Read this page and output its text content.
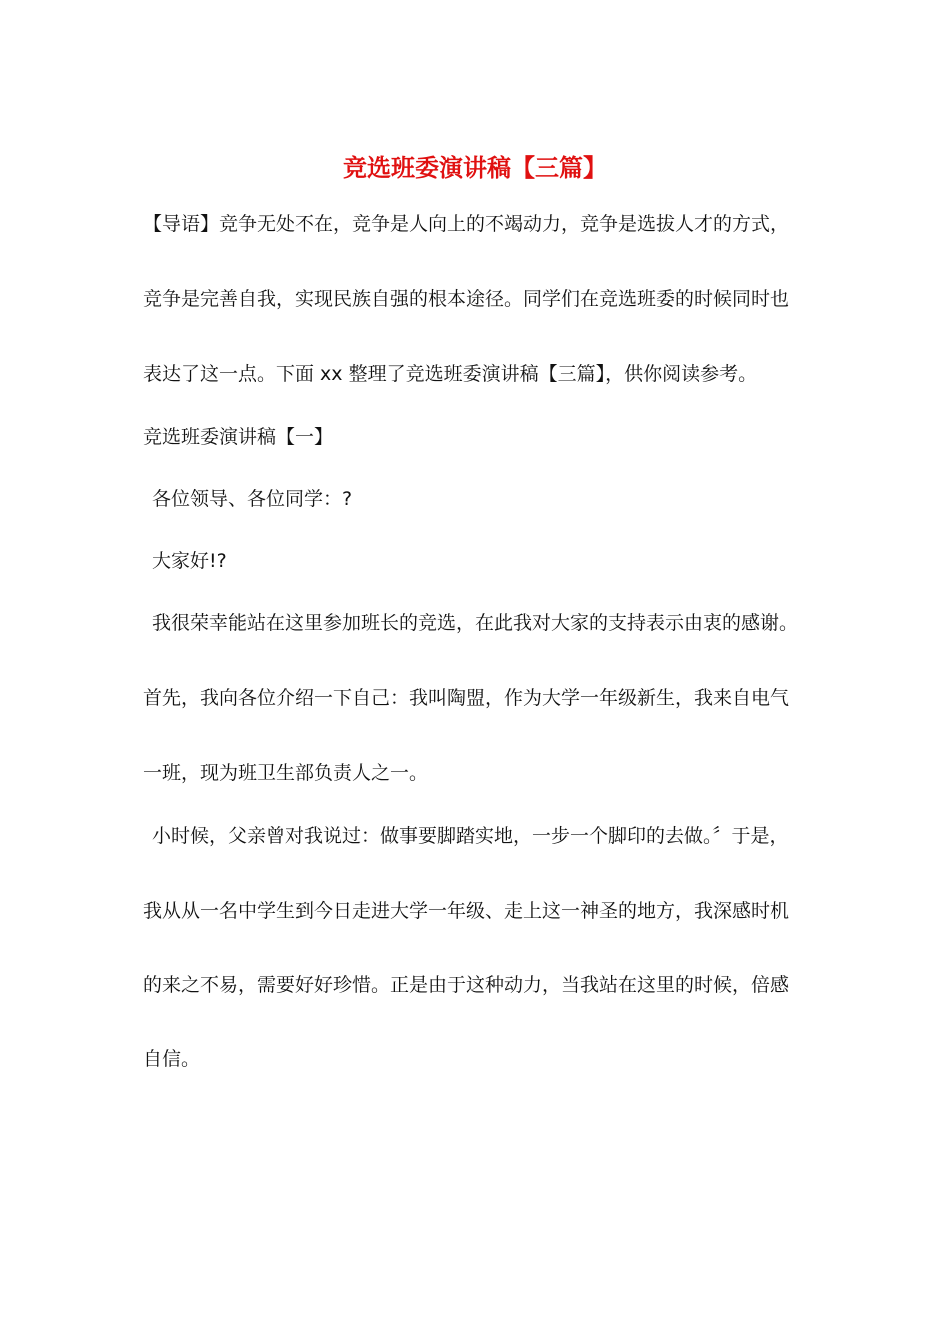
竞选班委演讲稿【三篇】
【导语】竞争无处不在，竞争是人向上的不竭动力，竞争是选拔人才的方式，
竞争是完善自我，实现民族自强的根本途径。同学们在竞选班委的时候同时也
表达了这一点。下面 xx 整理了竞选班委演讲稿【三篇】，供你阅读参考。
竞选班委演讲稿【一】
各位领导、各位同学：?
大家好!?
我很荣幸能站在这里参加班长的竞选，在此我对大家的支持表示由衷的感谢。
首先，我向各位介绍一下自己：我叫陶盟，作为大学一年级新生，我来自电气
一班，现为班卫生部负责人之一。
小时候，父亲曾对我说过：做事要脚踏实地，一步一个脚印的去做。〞于是，
我从从一名中学生到今日走进大学一年级、走上这一神圣的地方，我深感时机
的来之不易，需要好好珍惜。正是由于这种动力，当我站在这里的时候，倍感
自信。
